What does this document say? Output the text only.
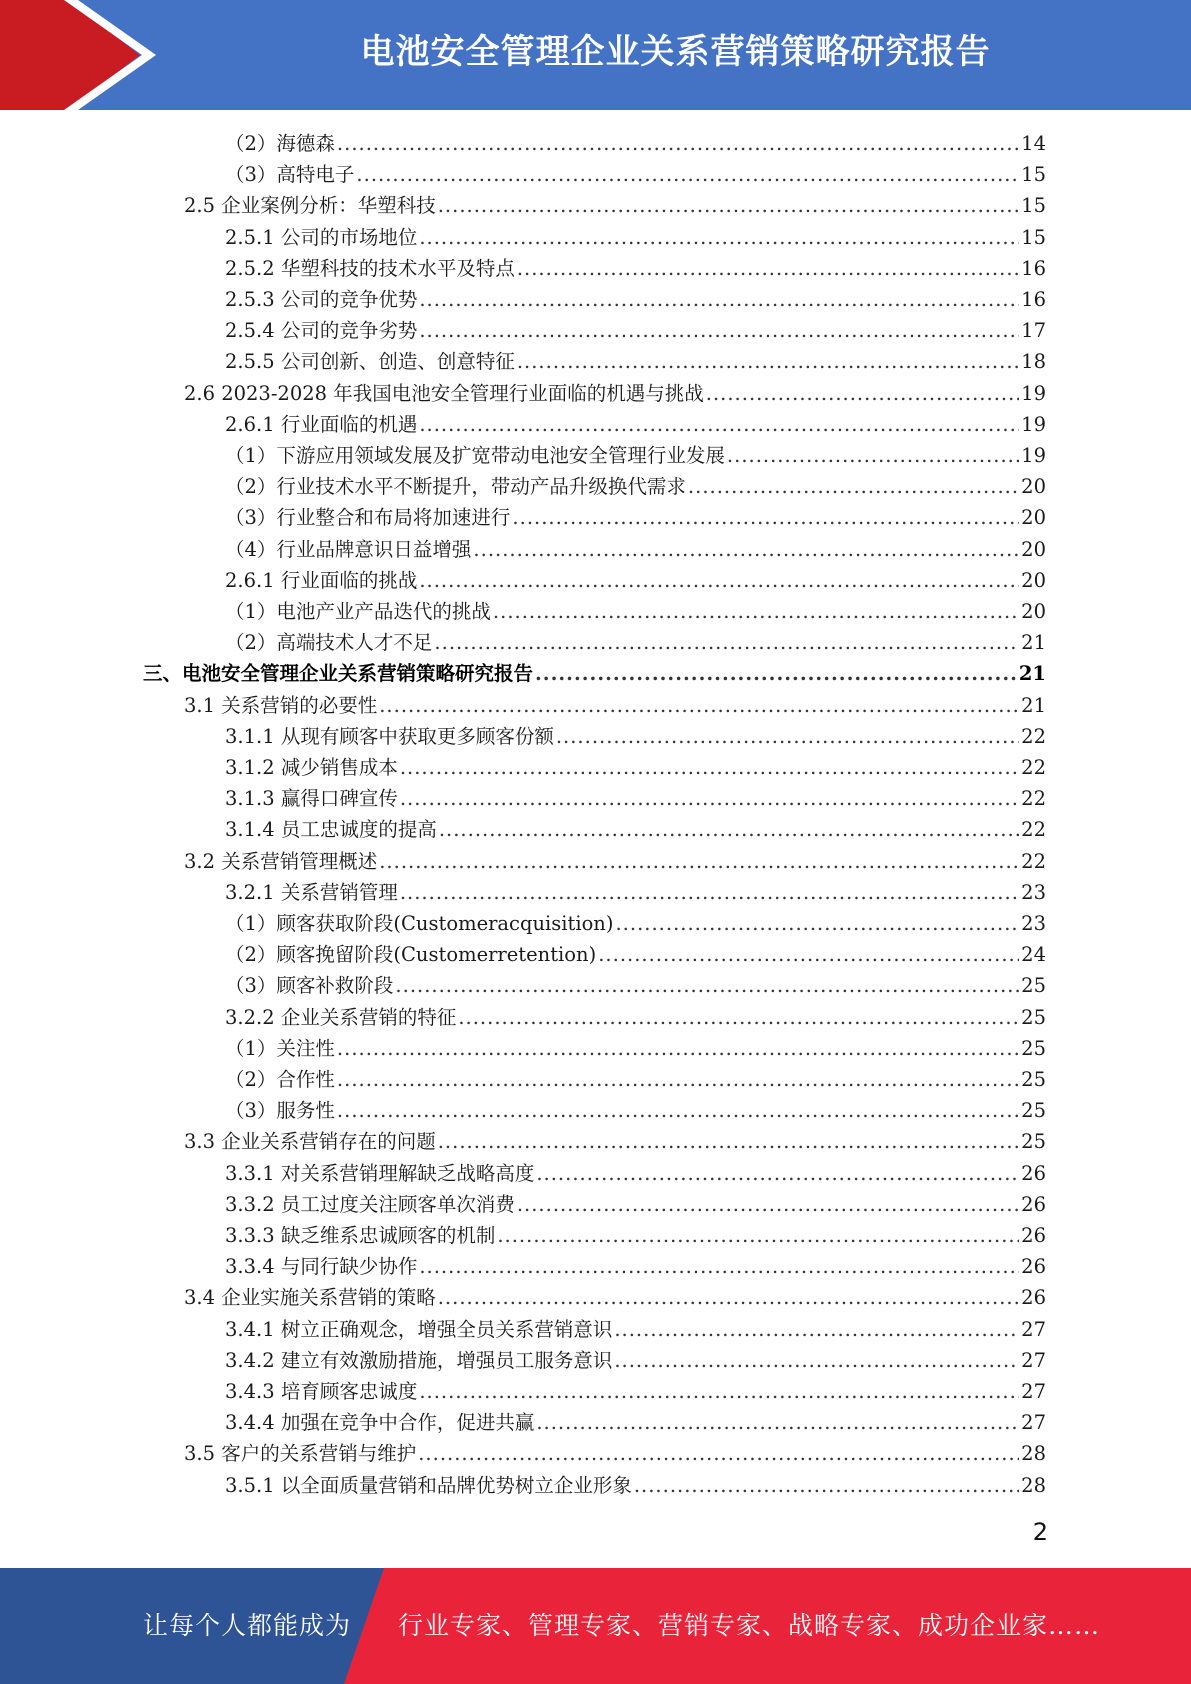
电池安全管理企业关系营销策略研究报告
（2）海德森 .....	14
（3）高特电子 .....	15
2.5 企业案例分析：华塑科技 .....	15
2.5.1 公司的市场地位 .....	15
2.5.2 华塑科技的技术水平及特点 .....	16
2.5.3 公司的竞争优势 .....	16
2.5.4 公司的竞争劣势 .....	17
2.5.5 公司创新、创造、创意特征 .....	18
2.6 2023-2028 年我国电池安全管理行业面临的机遇与挑战 .....	19
2.6.1 行业面临的机遇 .....	19
（1）下游应用领域发展及扩宽带动电池安全管理行业发展 .....	19
（2）行业技术水平不断提升，带动产品升级换代需求 .....	20
（3）行业整合和布局将加速进行 .....	20
（4）行业品牌意识日益增强 .....	20
2.6.1 行业面临的挑战 .....	20
（1）电池产业产品迭代的挑战 .....	20
（2）高端技术人才不足 .....	21
三、电池安全管理企业关系营销策略研究报告 .....	21
3.1 关系营销的必要性 .....	21
3.1.1 从现有顾客中获取更多顾客份额 .....	22
3.1.2 减少销售成本 .....	22
3.1.3 赢得口碑宣传 .....	22
3.1.4 员工忠诚度的提高 .....	22
3.2 关系营销管理概述 .....	22
3.2.1 关系营销管理 .....	23
（1）顾客获取阶段(Customeracquisition) .....	23
（2）顾客挽留阶段(Customerretention) .....	24
（3）顾客补救阶段 .....	25
3.2.2 企业关系营销的特征 .....	25
（1）关注性 .....	25
（2）合作性 .....	25
（3）服务性 .....	25
3.3 企业关系营销存在的问题 .....	25
3.3.1 对关系营销理解缺乏战略高度 .....	26
3.3.2 员工过度关注顾客单次消费 .....	26
3.3.3 缺乏维系忠诚顾客的机制 .....	26
3.3.4 与同行缺少协作 .....	26
3.4 企业实施关系营销的策略 .....	26
3.4.1 树立正确观念，增强全员关系营销意识 .....	27
3.4.2 建立有效激励措施，增强员工服务意识 .....	27
3.4.3 培育顾客忠诚度 .....	27
3.4.4 加强在竞争中合作，促进共赢 .....	27
3.5 客户的关系营销与维护 .....	28
3.5.1 以全面质量营销和品牌优势树立企业形象 .....	28
2
让每个人都能成为 行业专家、管理专家、营销专家、战略专家、成功企业家……
